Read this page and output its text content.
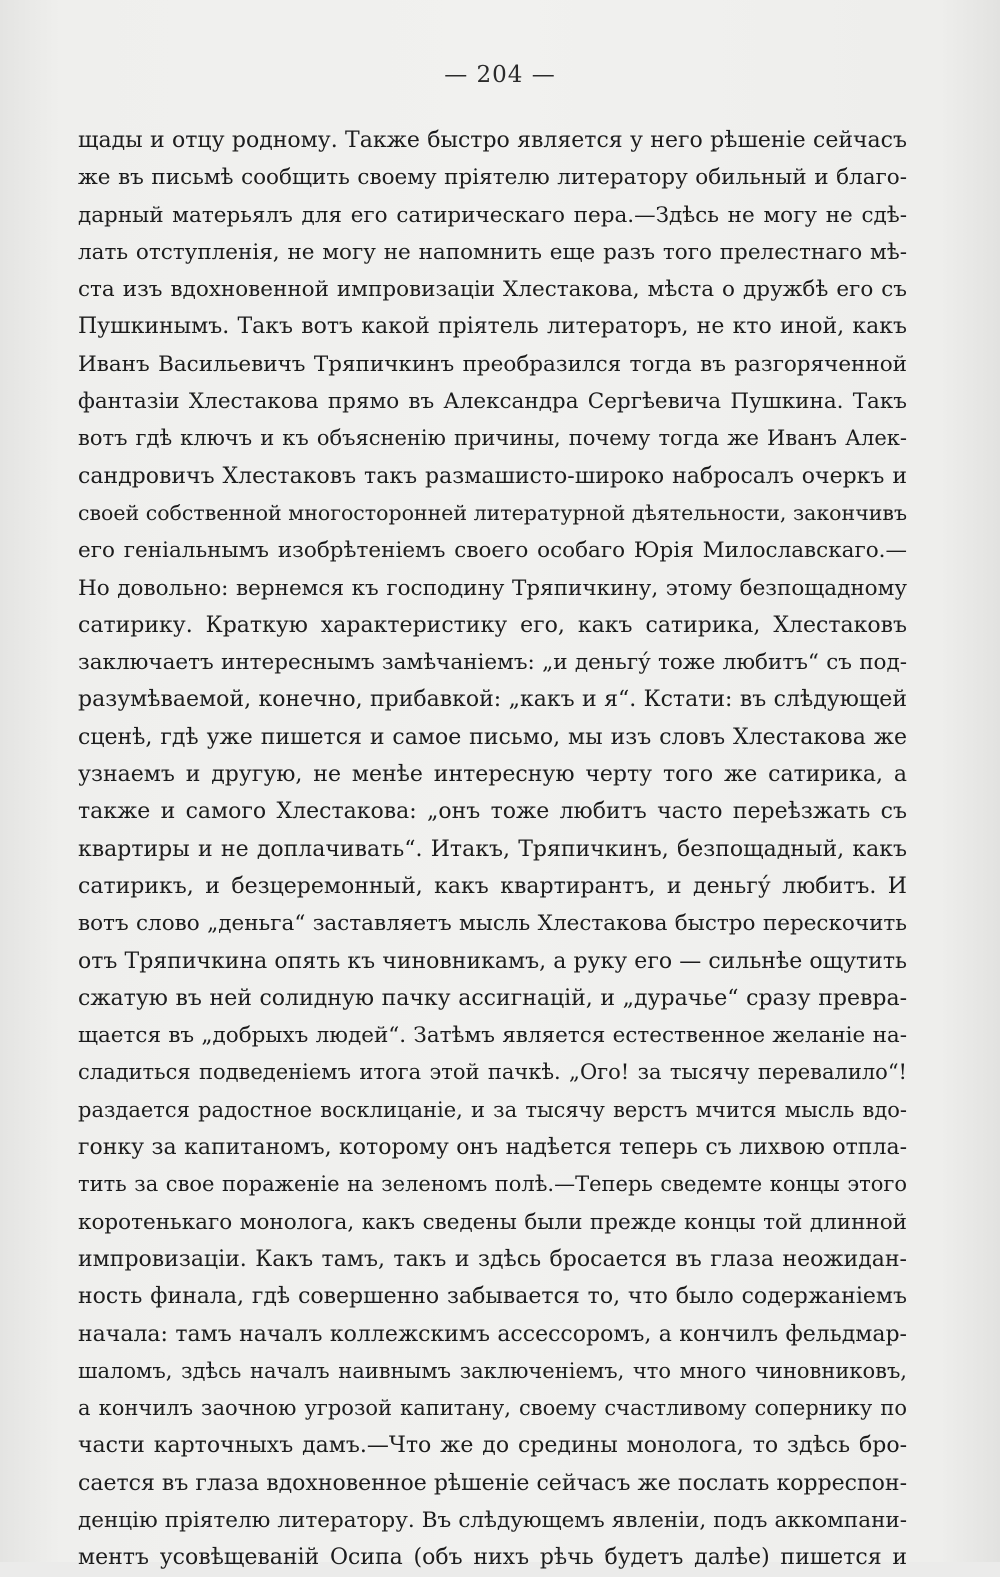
— 204 —
щады и отцу родному. Также быстро является у него рѣшеніе сейчасъ
же въ письмѣ сообщить своему пріятелю литератору обильный и благо-
дарный матерьялъ для его сатирическаго пера.—Здѣсь не могу не сдѣ-
лать отступленія, не могу не напомнить еще разъ того прелестнаго мѣ-
ста изъ вдохновенной импровизаціи Хлестакова, мѣста о дружбѣ его съ
Пушкинымъ. Такъ вотъ какой пріятель литераторъ, не кто иной, какъ
Иванъ Васильевичъ Тряпичкинъ преобразился тогда въ разгоряченной
фантазіи Хлестакова прямо въ Александра Сергѣевича Пушкина. Такъ
вотъ гдѣ ключъ и къ объясненію причины, почему тогда же Иванъ Алек-
сандровичъ Хлестаковъ такъ размашисто-широко набросалъ очеркъ и
своей собственной многосторонней литературной дѣятельности, закончивъ
его геніальнымъ изобрѣтеніемъ своего особаго Юрія Милославскаго.—
Но довольно: вернемся къ господину Тряпичкину, этому безпощадному
сатирику. Краткую характеристику его, какъ сатирика, Хлестаковъ
заключаетъ интереснымъ замѣчаніемъ: „и деньгу́ тоже любитъ“ съ под-
разумѣваемой, конечно, прибавкой: „какъ и я“. Кстати: въ слѣдующей
сценѣ, гдѣ уже пишется и самое письмо, мы изъ словъ Хлестакова же
узнаемъ и другую, не менѣе интересную черту того же сатирика, а
также и самого Хлестакова: „онъ тоже любитъ часто переѣзжать съ
квартиры и не доплачивать“. Итакъ, Тряпичкинъ, безпощадный, какъ
сатирикъ, и безцеремонный, какъ квартирантъ, и деньгу́ любитъ. И
вотъ слово „деньга“ заставляетъ мысль Хлестакова быстро перескочить
отъ Тряпичкина опять къ чиновникамъ, а руку его — сильнѣе ощутить
сжатую въ ней солидную пачку ассигнацій, и „дурачье“ сразу превра-
щается въ „добрыхъ людей“. Затѣмъ является естественное желаніе на-
сладиться подведеніемъ итога этой пачкѣ. „Ого! за тысячу перевалило“!
раздается радостное восклицаніе, и за тысячу верстъ мчится мысль вдо-
гонку за капитаномъ, которому онъ надѣется теперь съ лихвою отпла-
тить за свое пораженіе на зеленомъ полѣ.—Теперь сведемте концы этого
коротенькаго монолога, какъ сведены были прежде концы той длинной
импровизаціи. Какъ тамъ, такъ и здѣсь бросается въ глаза неожидан-
ность финала, гдѣ совершенно забывается то, что было содержаніемъ
начала: тамъ началъ коллежскимъ ассессоромъ, а кончилъ фельдмар-
шаломъ, здѣсь началъ наивнымъ заключеніемъ, что много чиновниковъ,
а кончилъ заочною угрозой капитану, своему счастливому сопернику по
части карточныхъ дамъ.—Что же до средины монолога, то здѣсь бро-
сается въ глаза вдохновенное рѣшеніе сейчасъ же послать корреспон-
денцію пріятелю литератору. Въ слѣдующемъ явленіи, подъ аккомпани-
ментъ усовѣщеваній Осипа (объ нихъ рѣчь будетъ далѣе) пишется и
